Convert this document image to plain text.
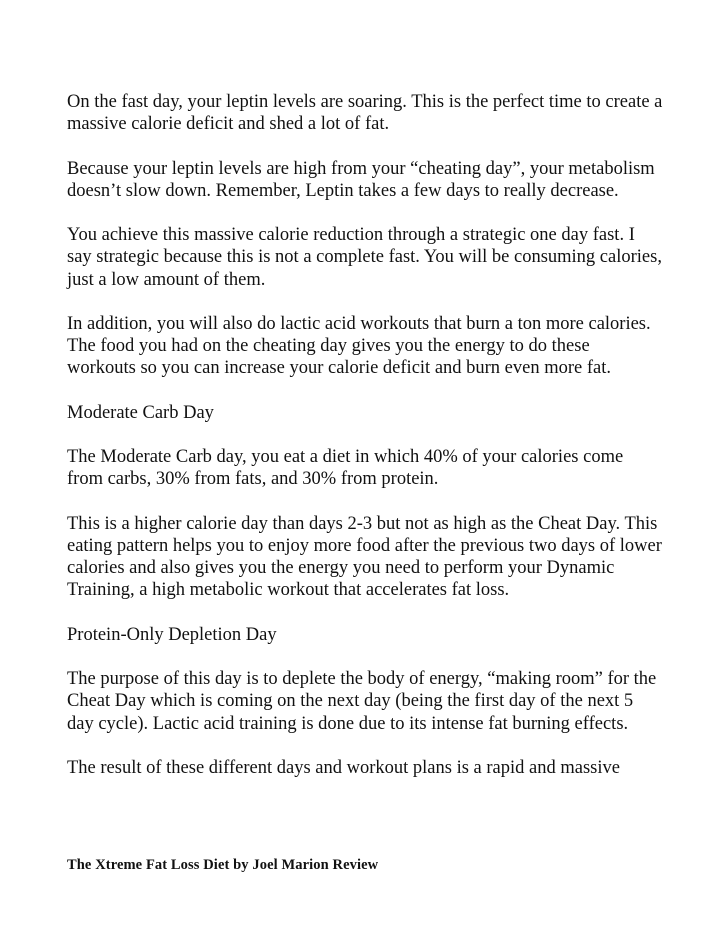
On the fast day, your leptin levels are soaring. This is the perfect time to create a massive calorie deficit and shed a lot of fat.

Because your leptin levels are high from your “cheating day”, your metabolism doesn’t slow down. Remember, Leptin takes a few days to really decrease.

You achieve this massive calorie reduction through a strategic one day fast. I say strategic because this is not a complete fast. You will be consuming calories, just a low amount of them.

In addition, you will also do lactic acid workouts that burn a ton more calories. The food you had on the cheating day gives you the energy to do these workouts so you can increase your calorie deficit and burn even more fat.

Moderate Carb Day

The Moderate Carb day, you eat a diet in which 40% of your calories come from carbs, 30% from fats, and 30% from protein.

This is a higher calorie day than days 2-3 but not as high as the Cheat Day. This eating pattern helps you to enjoy more food after the previous two days of lower calories and also gives you the energy you need to perform your Dynamic Training, a high metabolic workout that accelerates fat loss.

Protein-Only Depletion Day

The purpose of this day is to deplete the body of energy, “making room” for the Cheat Day which is coming on the next day (being the first day of the next 5 day cycle). Lactic acid training is done due to its intense fat burning effects.

The result of these different days and workout plans is a rapid and massive

The Xtreme Fat Loss Diet by Joel Marion Review
